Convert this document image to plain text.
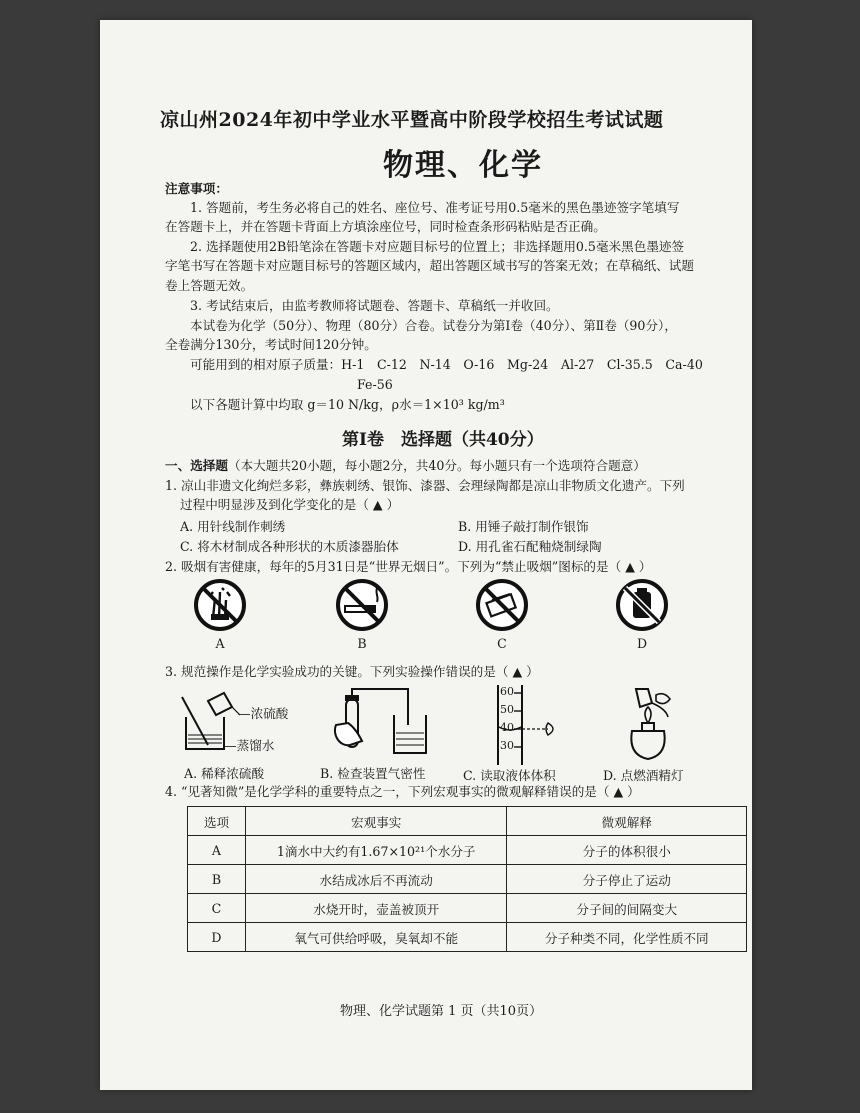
凉山州2024年初中学业水平暨高中阶段学校招生考试试题
物理、化学
注意事项：
1. 答题前，考生务必将自己的姓名、座位号、准考证号用0.5毫米的黑色墨迹签字笔填写
在答题卡上，并在答题卡背面上方填涂座位号，同时检查条形码粘贴是否正确。
2. 选择题使用2B铅笔涂在答题卡对应题目标号的位置上；非选择题用0.5毫米黑色墨迹签
字笔书写在答题卡对应题目标号的答题区域内，超出答题区域书写的答案无效；在草稿纸、试题
卷上答题无效。
3. 考试结束后，由监考教师将试题卷、答题卡、草稿纸一并收回。
本试卷为化学（50分）、物理（80分）合卷。试卷分为第Ⅰ卷（40分）、第Ⅱ卷（90分），
全卷满分130分，考试时间120分钟。
可能用到的相对原子质量：H-1　C-12　N-14　O-16　Mg-24　Al-27　Cl-35.5　Ca-40
Fe-56
以下各题计算中均取 g＝10 N/kg，ρ水＝1×10³ kg/m³
第Ⅰ卷　选择题（共40分）
一、选择题（本大题共20小题，每小题2分，共40分。每小题只有一个选项符合题意）
1. 凉山非遗文化绚烂多彩，彝族刺绣、银饰、漆器、会理绿陶都是凉山非物质文化遗产。下列
过程中明显涉及到化学变化的是（ ▲ ）
A. 用针线制作刺绣	B. 用锤子敲打制作银饰
C. 将木材制成各种形状的木质漆器胎体	D. 用孔雀石配釉烧制绿陶
2. 吸烟有害健康，每年的5月31日是“世界无烟日”。下列为“禁止吸烟”图标的是（ ▲ ）
A	B	C	D
3. 规范操作是化学实验成功的关键。下列实验操作错误的是（ ▲ ）
—浓硫酸
—蒸馏水
60
50
40
30
A. 稀释浓硫酸	B. 检查装置气密性	C. 读取液体体积	D. 点燃酒精灯
4. “见著知微”是化学学科的重要特点之一，下列宏观事实的微观解释错误的是（ ▲ ）
选项	宏观事实	微观解释
A	1滴水中大约有1.67×10²¹个水分子	分子的体积很小
B	水结成冰后不再流动	分子停止了运动
C	水烧开时，壶盖被顶开	分子间的间隔变大
D	氧气可供给呼吸，臭氧却不能	分子种类不同，化学性质不同
物理、化学试题第 1 页（共10页）
